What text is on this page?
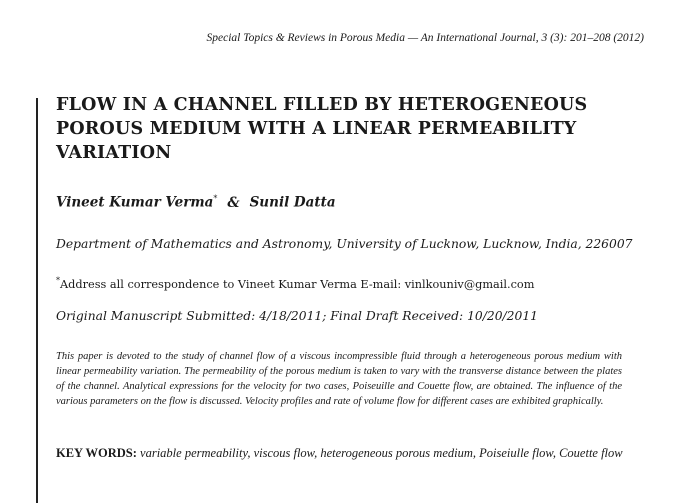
Special Topics & Reviews in Porous Media — An International Journal, 3 (3): 201–208 (2012)
FLOW IN A CHANNEL FILLED BY HETEROGENEOUS POROUS MEDIUM WITH A LINEAR PERMEABILITY VARIATION
Vineet Kumar Verma* & Sunil Datta
Department of Mathematics and Astronomy, University of Lucknow, Lucknow, India, 226007
*Address all correspondence to Vineet Kumar Verma E-mail: vinlkouniv@gmail.com
Original Manuscript Submitted: 4/18/2011; Final Draft Received: 10/20/2011

This paper is devoted to the study of channel flow of a viscous incompressible fluid through a heterogeneous porous medium with linear permeability variation. The permeability of the porous medium is taken to vary with the transverse distance between the plates of the channel. Analytical expressions for the velocity for two cases, Poiseuille and Couette flow, are obtained. The influence of the various parameters on the flow is discussed. Velocity profiles and rate of volume flow for different cases are exhibited graphically.

KEY WORDS: variable permeability, viscous flow, heterogeneous porous medium, Poiseiulle flow, Couette flow
